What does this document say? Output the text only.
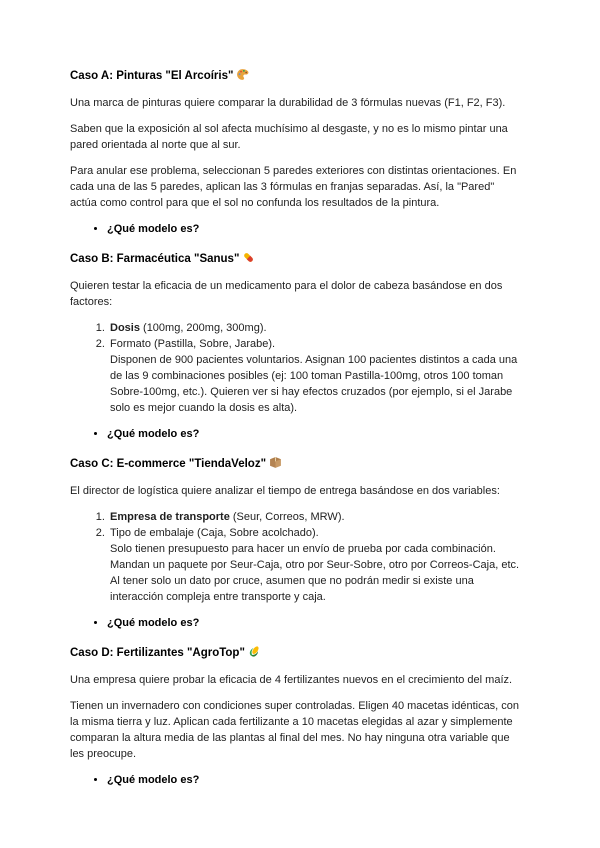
Caso A: Pinturas "El Arcoíris"

Una marca de pinturas quiere comparar la durabilidad de 3 fórmulas nuevas (F1, F2, F3).

Saben que la exposición al sol afecta muchísimo al desgaste, y no es lo mismo pintar una pared orientada al norte que al sur.

Para anular ese problema, seleccionan 5 paredes exteriores con distintas orientaciones. En cada una de las 5 paredes, aplican las 3 fórmulas en franjas separadas. Así, la "Pared" actúa como control para que el sol no confunda los resultados de la pintura.

• ¿Qué modelo es?
Caso B: Farmacéutica "Sanus"

Quieren testar la eficacia de un medicamento para el dolor de cabeza basándose en dos factores:

1. Dosis (100mg, 200mg, 300mg).
2. Formato (Pastilla, Sobre, Jarabe).
Disponen de 900 pacientes voluntarios. Asignan 100 pacientes distintos a cada una de las 9 combinaciones posibles (ej: 100 toman Pastilla-100mg, otros 100 toman Sobre-100mg, etc.). Quieren ver si hay efectos cruzados (por ejemplo, si el Jarabe solo es mejor cuando la dosis es alta).
• ¿Qué modelo es?
Caso C: E-commerce "TiendaVeloz"

El director de logística quiere analizar el tiempo de entrega basándose en dos variables:

1. Empresa de transporte (Seur, Correos, MRW).
2. Tipo de embalaje (Caja, Sobre acolchado).
Solo tienen presupuesto para hacer un envío de prueba por cada combinación. Mandan un paquete por Seur-Caja, otro por Seur-Sobre, otro por Correos-Caja, etc. Al tener solo un dato por cruce, asumen que no podrán medir si existe una interacción compleja entre transporte y caja.
• ¿Qué modelo es?
Caso D: Fertilizantes "AgroTop"

Una empresa quiere probar la eficacia de 4 fertilizantes nuevos en el crecimiento del maíz.

Tienen un invernadero con condiciones super controladas. Eligen 40 macetas idénticas, con la misma tierra y luz. Aplican cada fertilizante a 10 macetas elegidas al azar y simplemente comparan la altura media de las plantas al final del mes. No hay ninguna otra variable que les preocupe.

• ¿Qué modelo es?
